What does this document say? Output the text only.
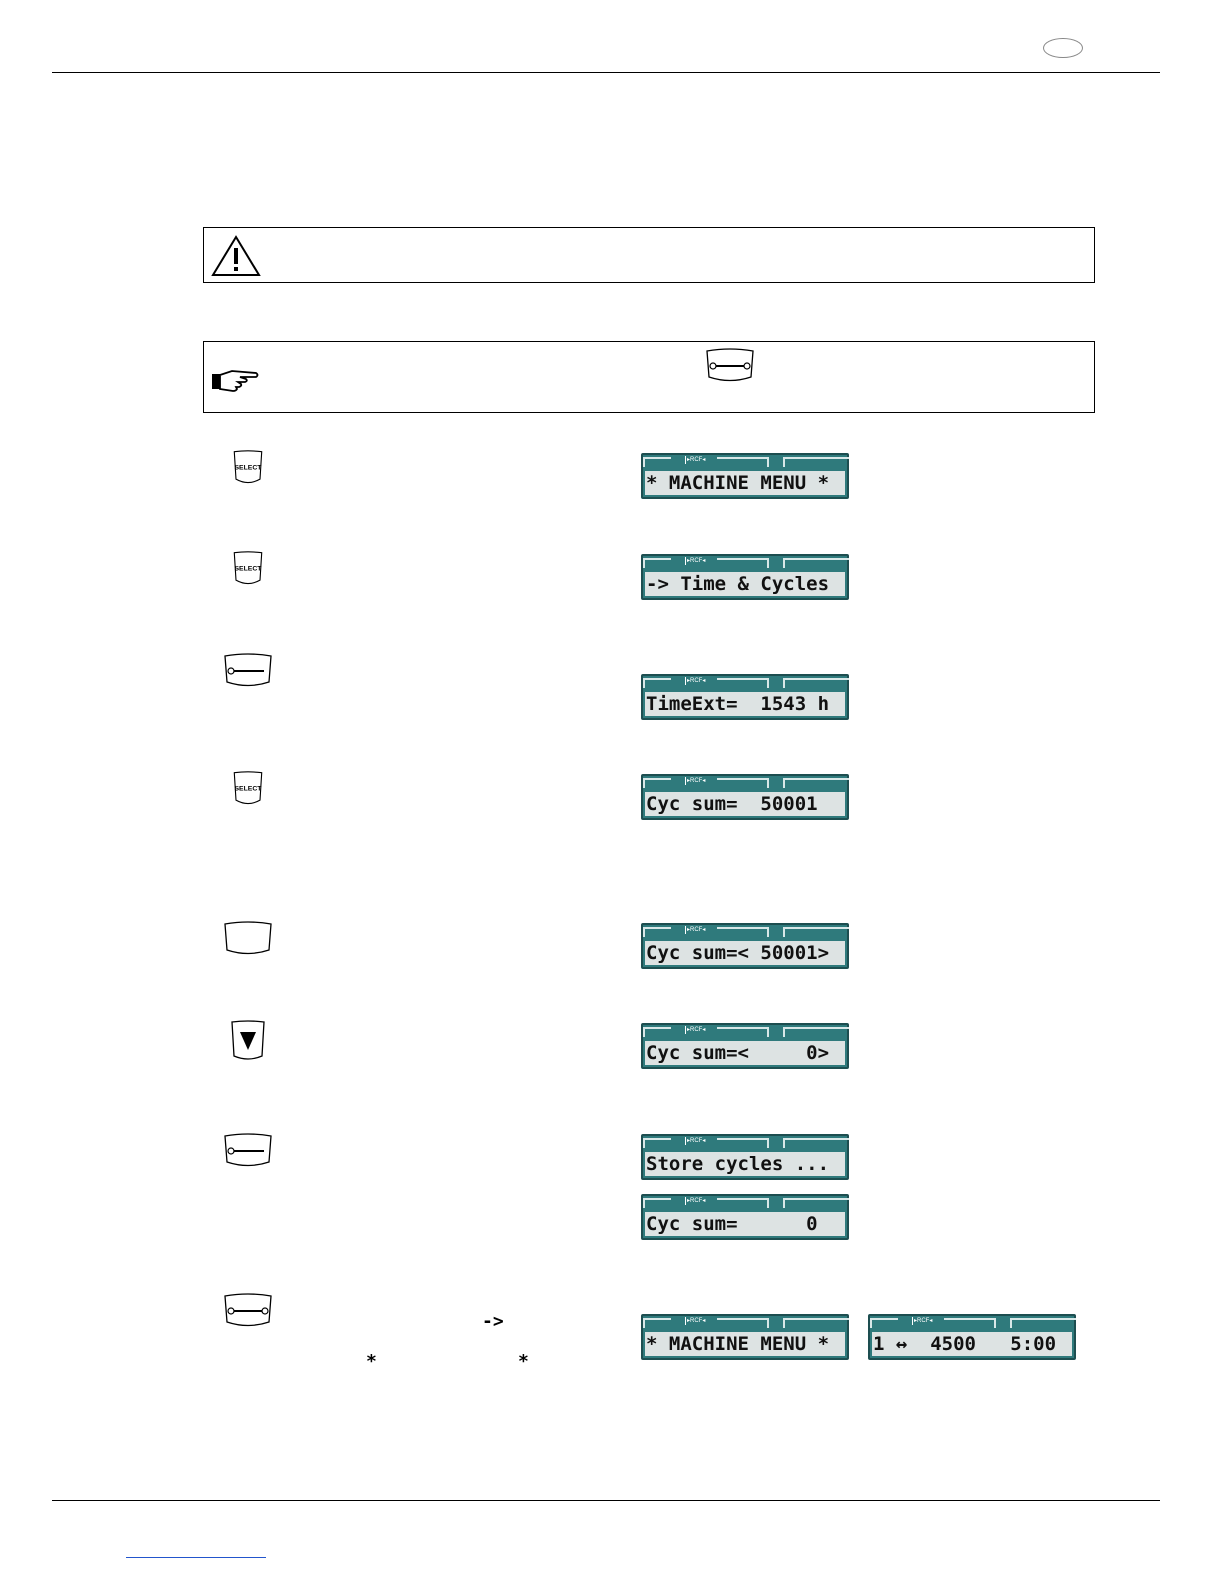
SELECT
SELECT
SELECT
->
*	*
▸RCF◂
* MACHINE MENU *
▸RCF◂
-> Time & Cycles
▸RCF◂
TimeExt=  1543 h
▸RCF◂
Cyc sum=  50001
▸RCF◂
Cyc sum=< 50001>
▸RCF◂
Cyc sum=<     0>
▸RCF◂
Store cycles ...
▸RCF◂
Cyc sum=      0
▸RCF◂
* MACHINE MENU *
▸RCF◂
1 ↔  4500   5:00
